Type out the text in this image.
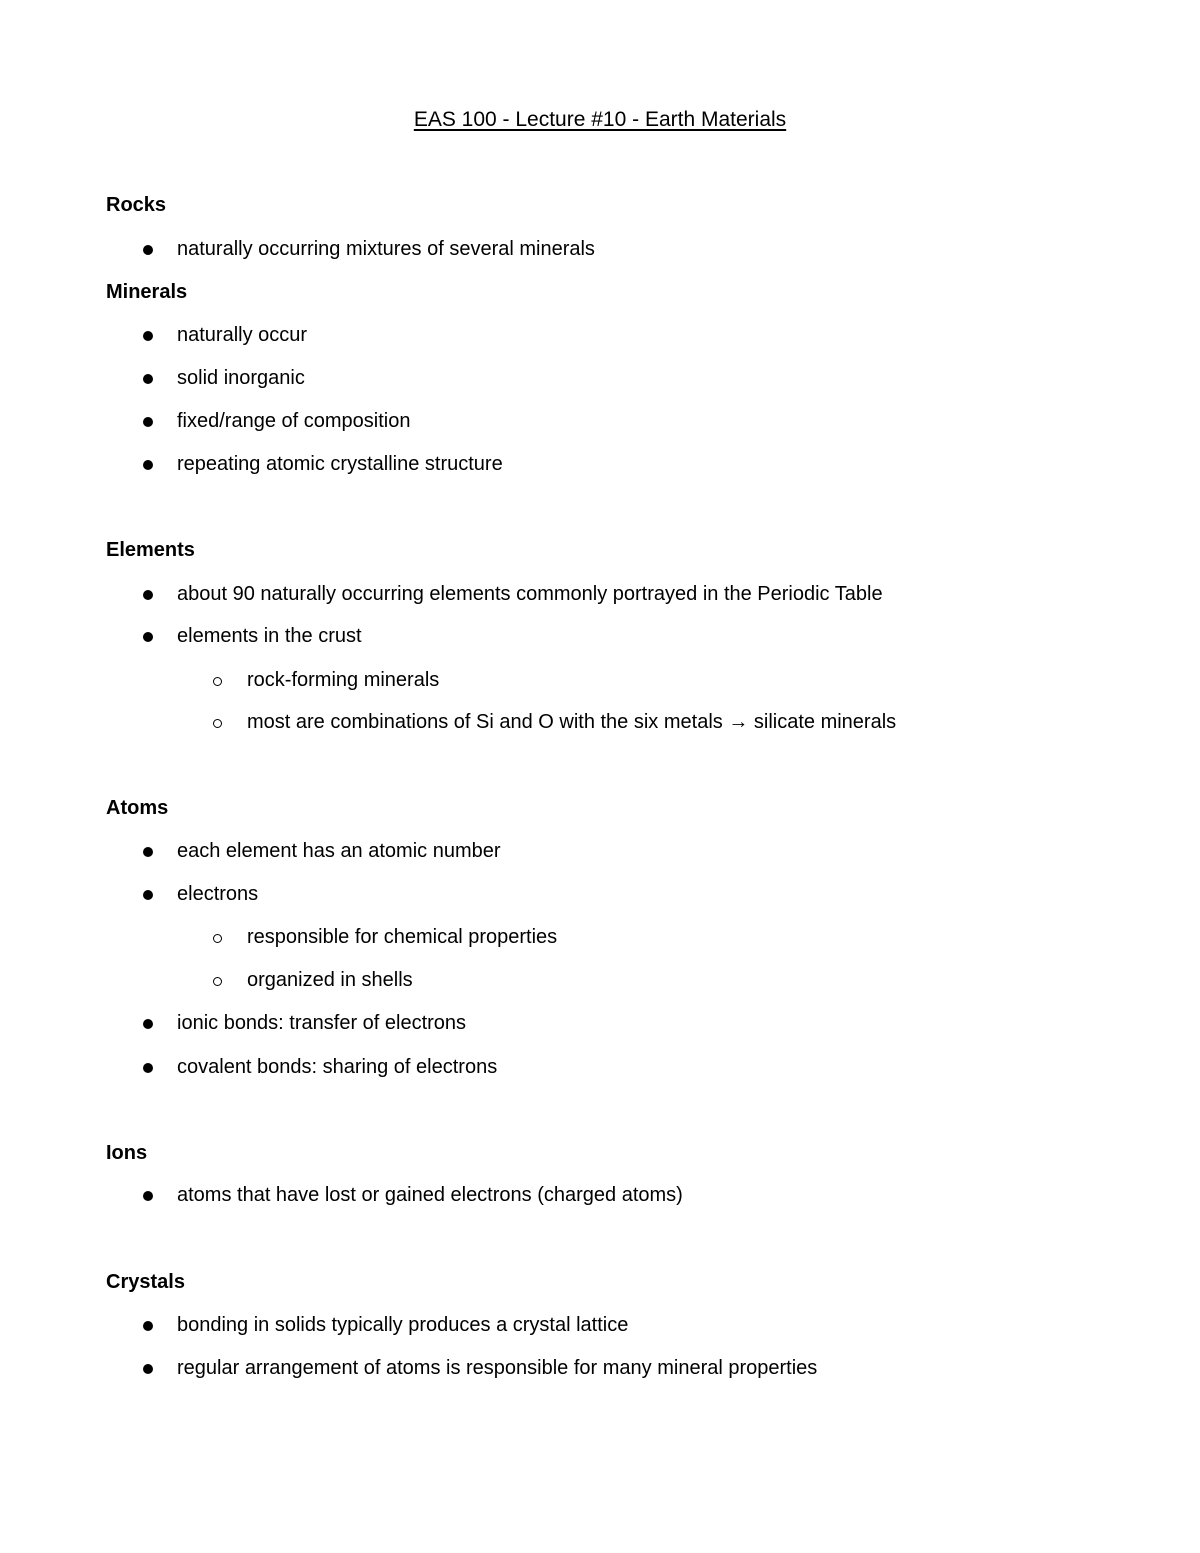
EAS 100 - Lecture #10 - Earth Materials
Rocks
naturally occurring mixtures of several minerals
Minerals
naturally occur
solid inorganic
fixed/range of composition
repeating atomic crystalline structure
Elements
about 90 naturally occurring elements commonly portrayed in the Periodic Table
elements in the crust
rock-forming minerals
most are combinations of Si and O with the six metals → silicate minerals
Atoms
each element has an atomic number
electrons
responsible for chemical properties
organized in shells
ionic bonds: transfer of electrons
covalent bonds: sharing of electrons
Ions
atoms that have lost or gained electrons (charged atoms)
Crystals
bonding in solids typically produces a crystal lattice
regular arrangement of atoms is responsible for many mineral properties
